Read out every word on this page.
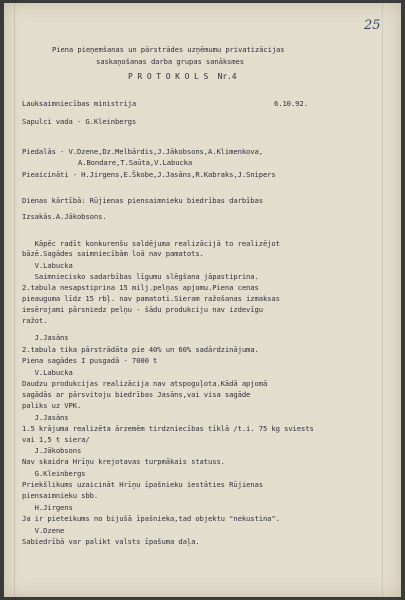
25
Piena pieņemšanas un pārstrādes uzņēmumu privatizācijas
saskaņošanas darba grupas sanāksmes
P R O T O K O L S  Nr.4
Lauksaimniecības ministrija	6.10.92.
Sapulci vada - G.Kleinbergs
Piedalās - V.Dzene,Dz.Melbārdis,J.Jākobsons,A.Klimenkova,
A.Bondare,T.Saūta,V.Labucka
Pieaicināti - H.Jirgens,E.Škobe,J.Jasāns,R.Kabraks,J.Snipers
Dienas kārtībā: Rūjienas piensaimnieku biedrības darbības
Izsakās.A.Jākobsons.
Kāpēc radīt konkurenšu saldējuma realizācijā to realizējot
bāzē.Sagādes saimniecībām loā nav pamatots.
V.Labucka
Saimniecisko sadarbības līgumu slēgšana jāpastiprina.
2.tabula nesapstiprina 15 milj.pelņas apjomu.Piena cenas
pieauguma līdz 15 rbļ. nav pamatoti.Sieram ražošanas izmaksas
iesērojami pārsniedz pelņu - šādu produkciju nav izdevīgu
ražot.
J.Jasāns
2.tabula tika pārstrādāta pie 40% un 60% sadārdzinājuma.
Piena sagādes I pusgadā - 7000 t
V.Labucka
Daudzu produkcijas realizācija nav atspoguļota.Kādā apjomā
sagādās ar pārsvitoju biedrības Jasāns,vai visa sagāde
paliks uz VPK.
J.Jasāns
1.5 krājuma realizēta ārzemēm tirdzniecības tīklā /t.i. 75 kg sviests
vai 1,5 t siera/
J.Jākobsons
Nav skaidra Hrīņu krejotavas turpmākais statuss.
G.Kleinbergs
Priekšlikums uzaicināt Hrīņu īpašnieku iestāties Rūjienas
piensaimnieku sbb.
H.Jirgens
Ja ir pieteikums no bijušā īpašnieka,tad objektu "nekustina".
V.Dzene
Sabiedrībā var palikt valsts īpašuma daļa.
